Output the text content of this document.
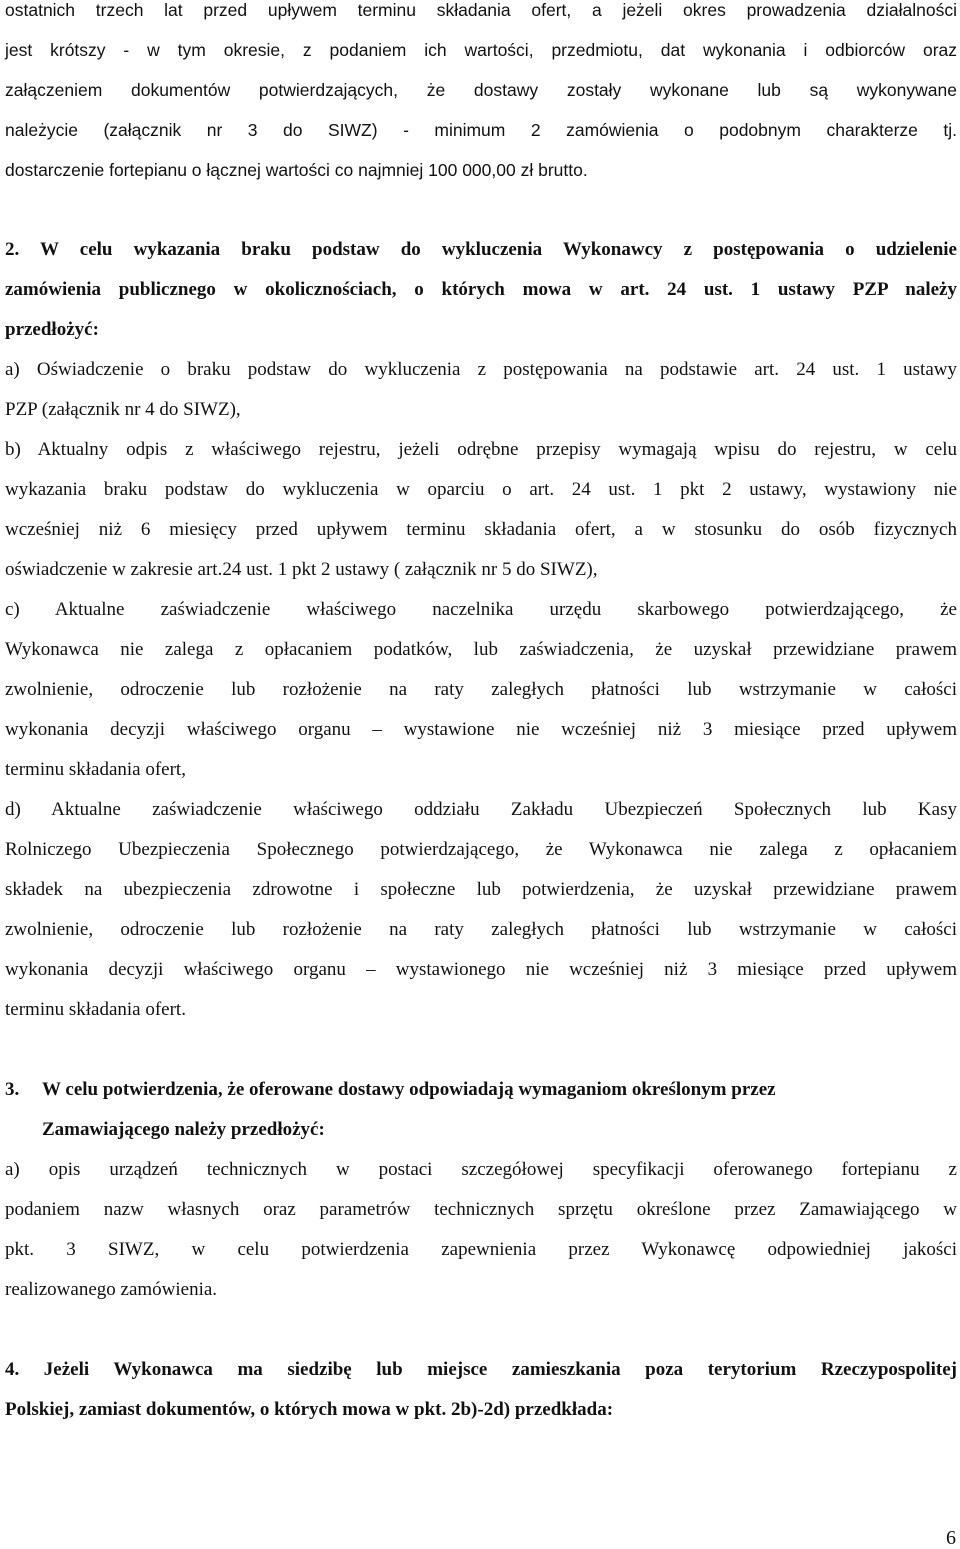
ostatnich trzech lat przed upływem terminu składania ofert, a jeżeli okres prowadzenia działalności
jest krótszy - w tym okresie, z podaniem ich wartości, przedmiotu, dat wykonania i odbiorców oraz
załączeniem dokumentów potwierdzających, że dostawy zostały wykonane lub są wykonywane
należycie (załącznik nr 3 do SIWZ) - minimum 2 zamówienia o podobnym charakterze tj.
dostarczenie fortepianu o łącznej wartości co najmniej 100 000,00 zł brutto.
2. W celu wykazania braku podstaw do wykluczenia Wykonawcy z postępowania o udzielenie
zamówienia publicznego w okolicznościach, o których mowa w art. 24 ust. 1 ustawy PZP należy
przedłożyć:
a) Oświadczenie o braku podstaw do wykluczenia z postępowania na podstawie art. 24 ust. 1 ustawy
PZP (załącznik nr 4 do SIWZ),
b) Aktualny odpis z właściwego rejestru, jeżeli odrębne przepisy wymagają wpisu do rejestru, w celu
wykazania braku podstaw do wykluczenia w oparciu o art. 24 ust. 1 pkt 2 ustawy, wystawiony nie
wcześniej niż 6 miesięcy przed upływem terminu składania ofert, a w stosunku do osób fizycznych
oświadczenie w zakresie art.24 ust. 1 pkt 2 ustawy ( załącznik nr 5 do SIWZ),
c) Aktualne zaświadczenie właściwego naczelnika urzędu skarbowego potwierdzającego, że
Wykonawca nie zalega z opłacaniem podatków, lub zaświadczenia, że uzyskał przewidziane prawem
zwolnienie, odroczenie lub rozłożenie na raty zaległych płatności lub wstrzymanie w całości
wykonania decyzji właściwego organu – wystawione nie wcześniej niż 3 miesiące przed upływem
terminu składania ofert,
d) Aktualne zaświadczenie właściwego oddziału Zakładu Ubezpieczeń Społecznych lub Kasy
Rolniczego Ubezpieczenia Społecznego potwierdzającego, że Wykonawca nie zalega z opłacaniem
składek na ubezpieczenia zdrowotne i społeczne lub potwierdzenia, że uzyskał przewidziane prawem
zwolnienie, odroczenie lub rozłożenie na raty zaległych płatności lub wstrzymanie w całości
wykonania decyzji właściwego organu – wystawionego nie wcześniej niż 3 miesiące przed upływem
terminu składania ofert.
3.	W celu potwierdzenia, że oferowane dostawy odpowiadają wymaganiom określonym przez
Zamawiającego należy przedłożyć:
a) opis urządzeń technicznych w postaci szczegółowej specyfikacji oferowanego fortepianu z
podaniem nazw własnych oraz parametrów technicznych sprzętu określone przez Zamawiającego w
pkt. 3 SIWZ, w celu potwierdzenia zapewnienia przez Wykonawcę odpowiedniej jakości
realizowanego zamówienia.
4. Jeżeli Wykonawca ma siedzibę lub miejsce zamieszkania poza terytorium Rzeczypospolitej
Polskiej, zamiast dokumentów, o których mowa w pkt. 2b)-2d) przedkłada:
6
